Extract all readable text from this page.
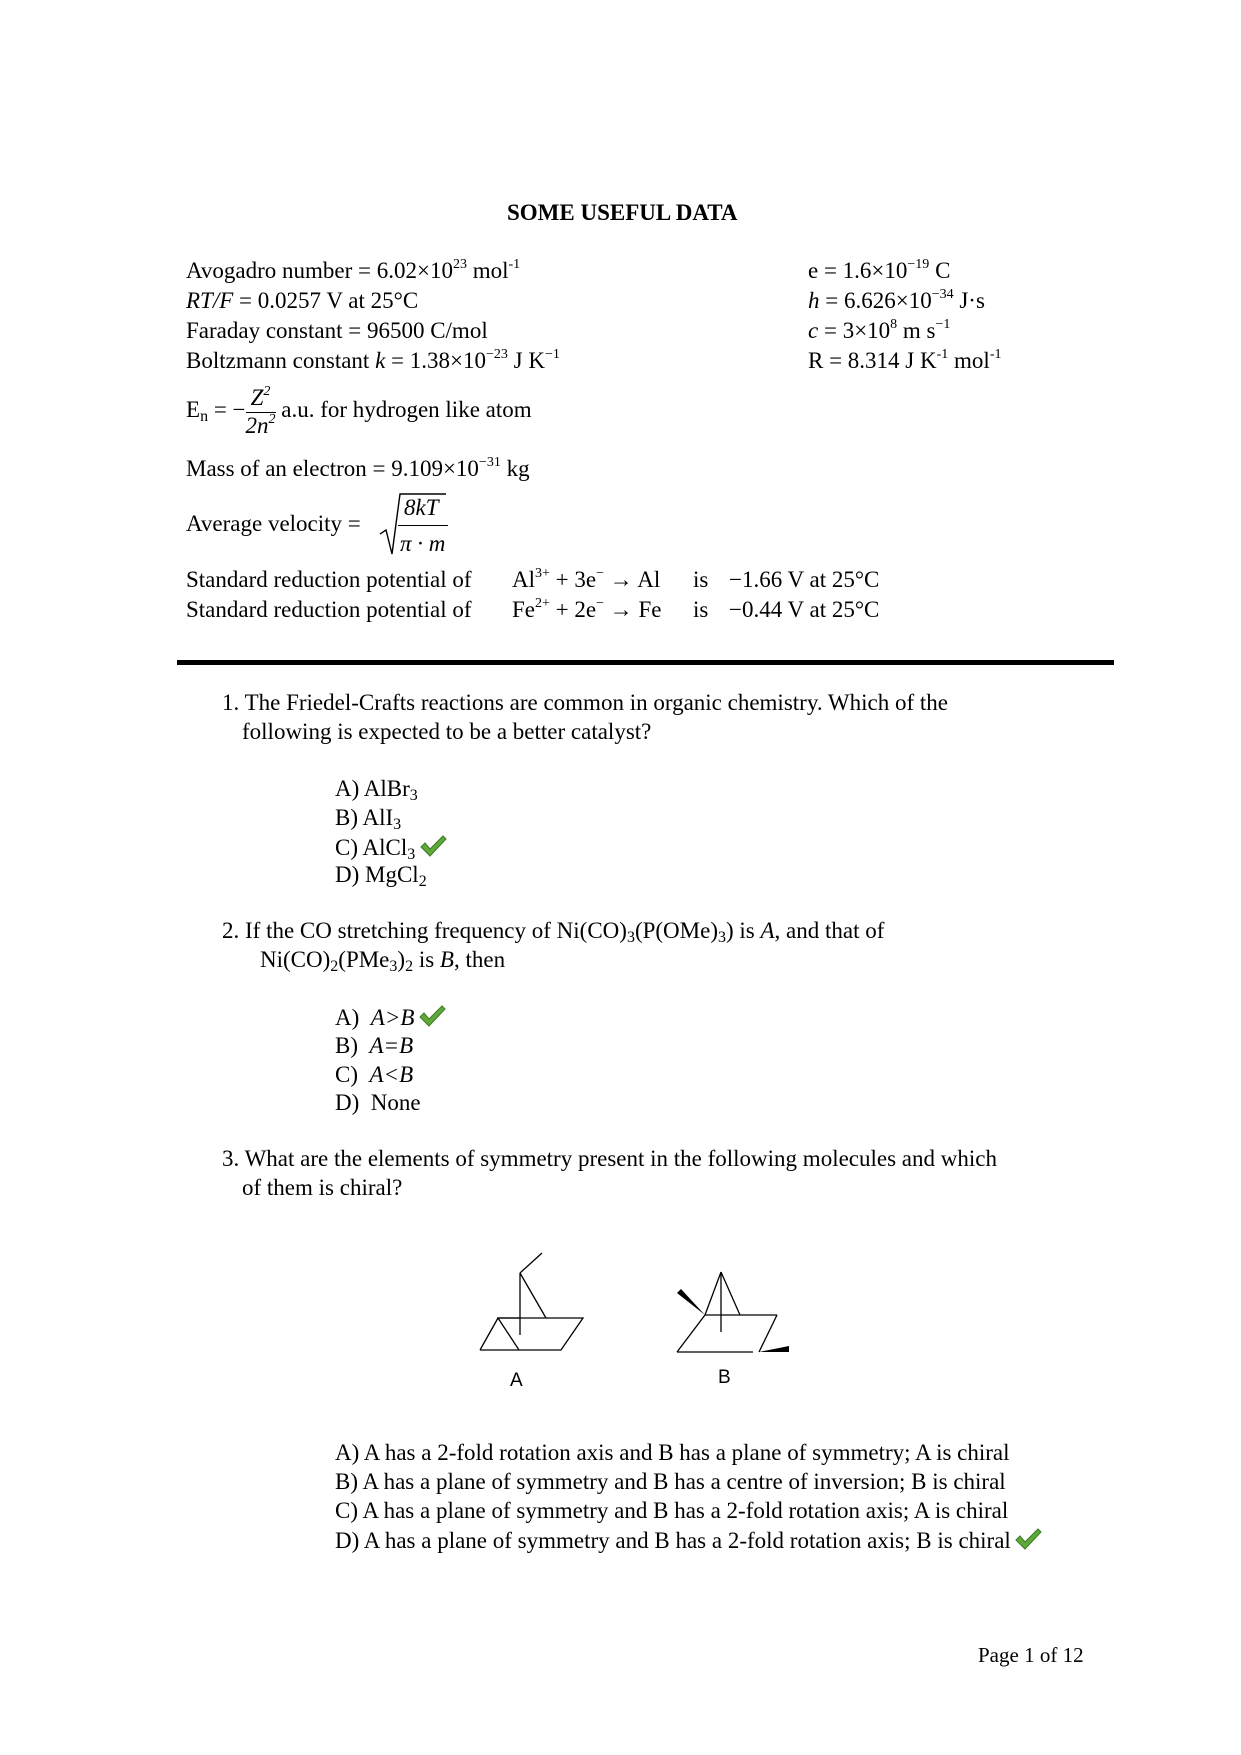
SOME USEFUL DATA
Avogadro number = $6.02\times 10^{23}$ mol$^{-1}$
RT/F = 0.0257 V at 25°C
Faraday constant = 96500 C/mol
Boltzmann constant $k = 1.38\times 10^{-23}$ J $K^{-1}$
$e = 1.6\times 10^{-19}$ C
$h = 6.626\times 10^{-34}$ J·s
$c = 3\times 10^8$ m $s^{-1}$
R = 8.314 J $K^{-1}$ mol$^{-1}$
$E_n$ = − $\frac{Z^2}{2n^2} a.u$. for hydrogen like atom
Mass of an electron = $9.109\times 10^{-31}$ kg
Average velocity =
8kT
π · m
Standard reduction potential of $Al^{3+} + 3e^- \to Al$ is −1.66 V at 25°C
Standard reduction potential of $Fe^{2+} + 2e^- \to Fe$ is −0.44 V at 25°C
1. The Friedel-Crafts reactions are common in organic chemistry. Which of the
following is expected to be a better catalyst?
A) AlBr$_3$
B) AlI$_3$
C) AlCl$_3$
D) MgCl$_2$
2. If the CO stretching frequency of $Ni(CO)_3(P(OMe)_3)$ is A, and that of
$Ni(CO)_2(PMe_3)_2$ is B, then
A) A>B
B) A=B
C) A<B
D) None
3. What are the elements of symmetry present in the following molecules and which
of them is chiral?
A	B
A) A has a 2-fold rotation axis and B has a plane of symmetry; A is chiral
B) A has a plane of symmetry and B has a centre of inversion; B is chiral
C) A has a plane of symmetry and B has a 2-fold rotation axis; A is chiral
D) A has a plane of symmetry and B has a 2-fold rotation axis; B is chiral
Page 1 of 12
